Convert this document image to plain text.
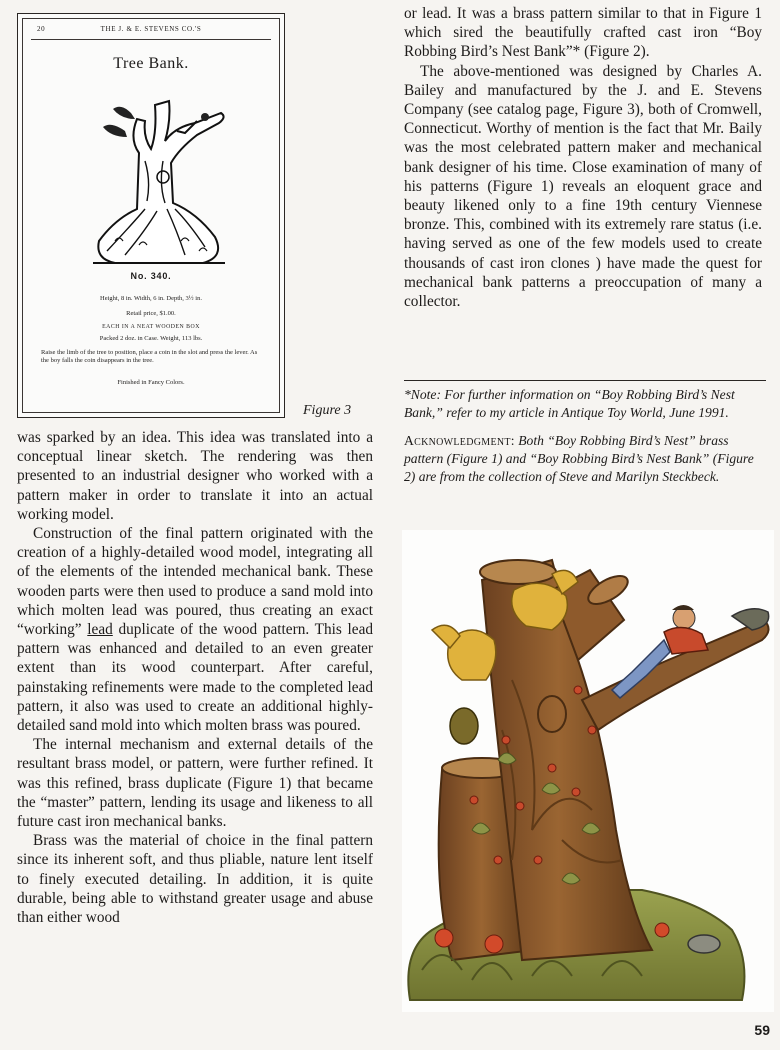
20	THE J. & E. STEVENS CO.'S
Tree Bank.
No. 340.
Height, 8 in. Width, 6 in. Depth, 3½ in.
Retail price, $1.00.
EACH IN A NEAT WOODEN BOX
Packed 2 doz. in Case. Weight, 113 lbs.
Raise the limb of the tree to position, place a coin in the slot and press the lever. As the boy falls the coin disappears in the tree.
Finished in Fancy Colors.
Figure 3

was sparked by an idea. This idea was translated into a conceptual linear sketch. The rendering was then presented to an industrial designer who worked with a pattern maker in order to translate it into an actual working model.

Construction of the final pattern originated with the creation of a highly-detailed wood model, integrating all of the elements of the intended mechanical bank. These wooden parts were then used to produce a sand mold into which molten lead was poured, thus creating an exact “working” lead duplicate of the wood pattern. This lead pattern was enhanced and detailed to an even greater extent than its wood counterpart. After careful, painstaking refinements were made to the completed lead pattern, it also was used to create an additional highly-detailed sand mold into which molten brass was poured.

The internal mechanism and external details of the resultant brass model, or pattern, were further refined. It was this refined, brass duplicate (Figure 1) that became the “master” pattern, lending its usage and likeness to all future cast iron mechanical banks.

Brass was the material of choice in the final pattern since its inherent soft, and thus pliable, nature lent itself to finely executed detailing. In addition, it is quite durable, being able to withstand greater usage and abuse than either wood

or lead. It was a brass pattern similar to that in Figure 1 which sired the beautifully crafted cast iron “Boy Robbing Bird’s Nest Bank”* (Figure 2).

The above-mentioned was designed by Charles A. Bailey and manufactured by the J. and E. Stevens Company (see catalog page, Figure 3), both of Cromwell, Connecticut. Worthy of mention is the fact that Mr. Baily was the most celebrated pattern maker and mechanical bank designer of his time. Close examination of many of his patterns (Figure 1) reveals an eloquent grace and beauty likened only to a fine 19th century Viennese bronze. This, combined with its extremely rare status (i.e. having served as one of the few models used to create thousands of cast iron clones ) have made the quest for mechanical bank patterns a preoccupation of many a collector.

*Note: For further information on “Boy Robbing Bird’s Nest Bank,” refer to my article in Antique Toy World, June 1991.

Acknowledgment: Both “Boy Robbing Bird’s Nest” brass pattern (Figure 1) and “Boy Robbing Bird’s Nest Bank” (Figure 2) are from the collection of Steve and Marilyn Steckbeck.

59
